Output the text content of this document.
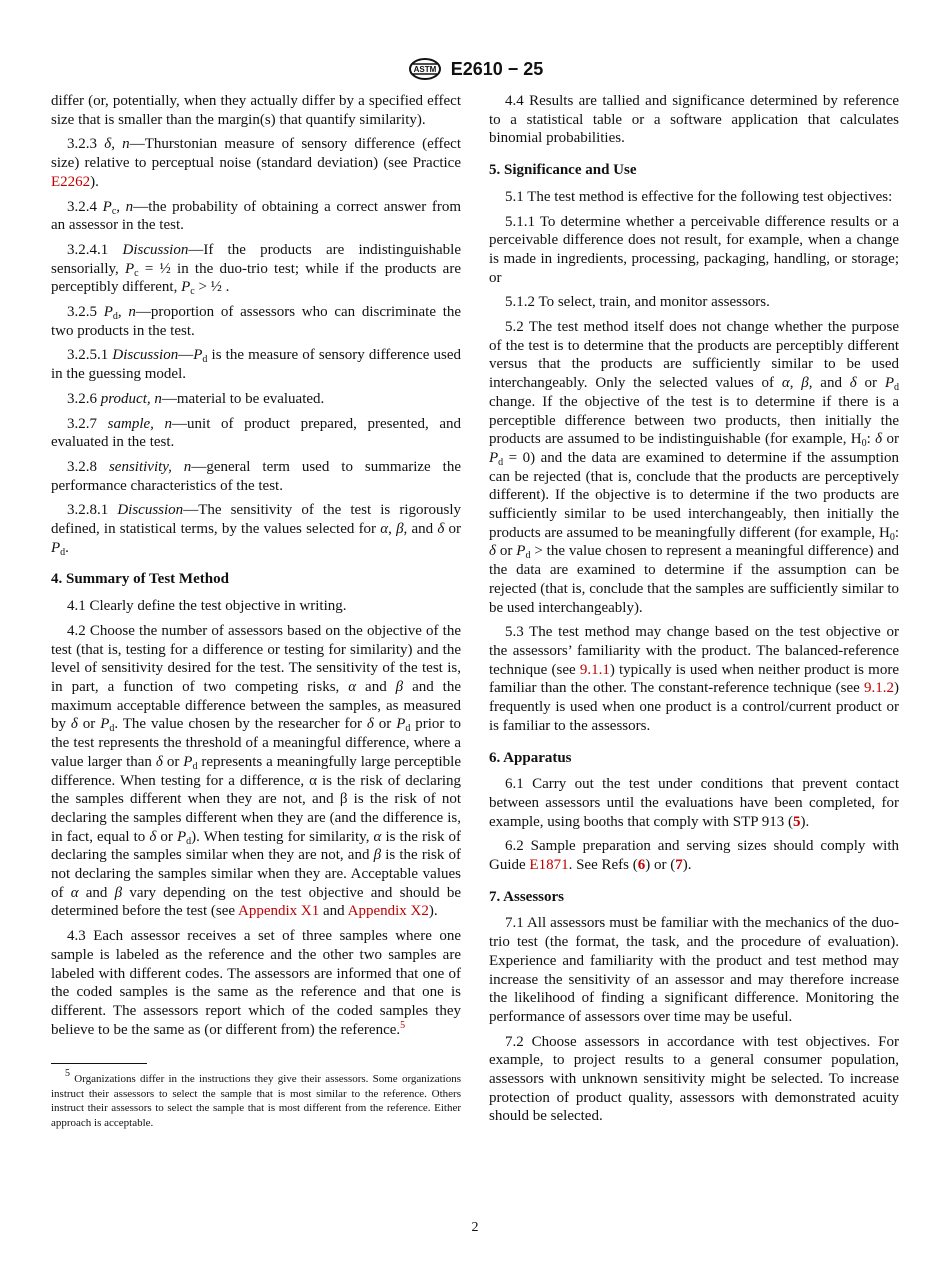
ASTM E2610 − 25

differ (or, potentially, when they actually differ by a specified effect size that is smaller than the margin(s) that quantify similarity).

3.2.3 δ, n—Thurstonian measure of sensory difference (effect size) relative to perceptual noise (standard deviation) (see Practice E2262).

3.2.4 $P_c$, n—the probability of obtaining a correct answer from an assessor in the test.

3.2.4.1 Discussion—If the products are indistinguishable sensorially, $P_c$ = ½ in the duo-trio test; while if the products are perceptibly different, $P_c$ > ½ .

3.2.5 $P_d$, n—proportion of assessors who can discriminate the two products in the test.

3.2.5.1 $Discussion—P_d$ is the measure of sensory difference used in the guessing model.

3.2.6 product, n—material to be evaluated.

3.2.7 sample, n—unit of product prepared, presented, and evaluated in the test.

3.2.8 sensitivity, n—general term used to summarize the performance characteristics of the test.

3.2.8.1 Discussion—The sensitivity of the test is rigorously defined, in statistical terms, by the values selected for α, β, and δ or $P_d$.

4. Summary of Test Method

4.1 Clearly define the test objective in writing.

4.2 Choose the number of assessors based on the objective of the test (that is, testing for a difference or testing for similarity) and the level of sensitivity desired for the test. The sensitivity of the test is, in part, a function of two competing risks, α and β and the maximum acceptable difference between the samples, as measured by δ or $P_d$. The value chosen by the researcher for δ or $P_d$ prior to the test represents the threshold of a meaningful difference, where a value larger than δ or $P_d$ represents a meaningfully large perceptible difference. When testing for a difference, α is the risk of declaring the samples different when they are not, and β is the risk of not declaring the samples different when they are (and the difference is, in fact, equal to δ or $P_d$). When testing for similarity, α is the risk of declaring the samples similar when they are not, and β is the risk of not declaring the samples similar when they are. Acceptable values of α and β vary depending on the test objective and should be determined before the test (see Appendix X1 and Appendix X2).

4.3 Each assessor receives a set of three samples where one sample is labeled as the reference and the other two samples are labeled with different codes. The assessors are informed that one of the coded samples is the same as the reference and that one is different. The assessors report which of the coded samples they believe to be the same as (or different from) the reference.$^5$

$^5$ Organizations differ in the instructions they give their assessors. Some organizations instruct their assessors to select the sample that is most similar to the reference. Others instruct their assessors to select the sample that is most different from the reference. Either approach is acceptable.

4.4 Results are tallied and significance determined by reference to a statistical table or a software application that calculates binomial probabilities.

5. Significance and Use

5.1 The test method is effective for the following test objectives:

5.1.1 To determine whether a perceivable difference results or a perceivable difference does not result, for example, when a change is made in ingredients, processing, packaging, handling, or storage; or

5.1.2 To select, train, and monitor assessors.

5.2 The test method itself does not change whether the purpose of the test is to determine that the products are perceptibly different versus that the products are sufficiently similar to be used interchangeably. Only the selected values of α, β, and δ or $P_d$ change. If the objective of the test is to determine if there is a perceptible difference between two products, then initially the products are assumed to be indistinguishable (for example, $H_0$: δ or $P_d = 0$) and the data are examined to determine if the assumption can be rejected (that is, conclude that the products are perceptively different). If the objective is to determine if the two products are sufficiently similar to be used interchangeably, then initially the products are assumed to be meaningfully different (for example, $H_0$: δ or $P_d$ > the value chosen to represent a meaningful difference) and the data are examined to determine if the assumption can be rejected (that is, conclude that the samples are sufficiently similar to be used interchangeably).

5.3 The test method may change based on the test objective or the assessors’ familiarity with the product. The balanced-reference technique (see 9.1.1) typically is used when neither product is more familiar than the other. The constant-reference technique (see 9.1.2) frequently is used when one product is a control/current product or is familiar to the assessors.

6. Apparatus

6.1 Carry out the test under conditions that prevent contact between assessors until the evaluations have been completed, for example, using booths that comply with STP 913 (5).

6.2 Sample preparation and serving sizes should comply with Guide E1871. See Refs (6) or (7).

7. Assessors

7.1 All assessors must be familiar with the mechanics of the duo-trio test (the format, the task, and the procedure of evaluation). Experience and familiarity with the product and test method may increase the sensitivity of an assessor and may therefore increase the likelihood of finding a significant difference. Monitoring the performance of assessors over time may be useful.

7.2 Choose assessors in accordance with test objectives. For example, to project results to a general consumer population, assessors with unknown sensitivity might be selected. To increase protection of product quality, assessors with demonstrated acuity should be selected.

2
